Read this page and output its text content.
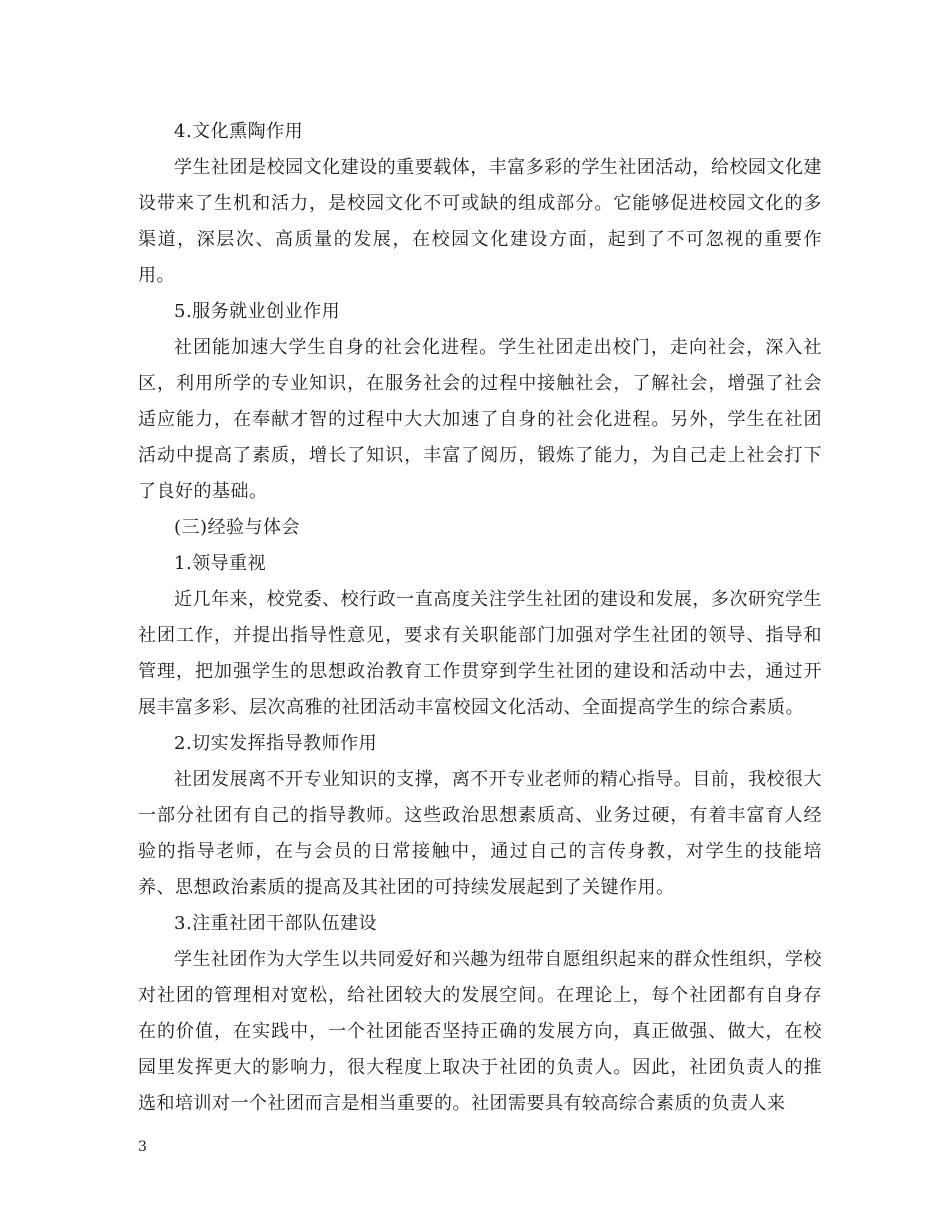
4.文化熏陶作用

学生社团是校园文化建设的重要载体，丰富多彩的学生社团活动，给校园文化建设带来了生机和活力，是校园文化不可或缺的组成部分。它能够促进校园文化的多渠道，深层次、高质量的发展，在校园文化建设方面，起到了不可忽视的重要作用。

5.服务就业创业作用

社团能加速大学生自身的社会化进程。学生社团走出校门，走向社会，深入社区，利用所学的专业知识，在服务社会的过程中接触社会，了解社会，增强了社会适应能力，在奉献才智的过程中大大加速了自身的社会化进程。另外，学生在社团活动中提高了素质，增长了知识，丰富了阅历，锻炼了能力，为自己走上社会打下了良好的基础。

(三)经验与体会

1.领导重视

近几年来，校党委、校行政一直高度关注学生社团的建设和发展，多次研究学生社团工作，并提出指导性意见，要求有关职能部门加强对学生社团的领导、指导和管理，把加强学生的思想政治教育工作贯穿到学生社团的建设和活动中去，通过开展丰富多彩、层次高雅的社团活动丰富校园文化活动、全面提高学生的综合素质。

2.切实发挥指导教师作用

社团发展离不开专业知识的支撑，离不开专业老师的精心指导。目前，我校很大一部分社团有自己的指导教师。这些政治思想素质高、业务过硬，有着丰富育人经验的指导老师，在与会员的日常接触中，通过自己的言传身教，对学生的技能培养、思想政治素质的提高及其社团的可持续发展起到了关键作用。

3.注重社团干部队伍建设

学生社团作为大学生以共同爱好和兴趣为纽带自愿组织起来的群众性组织，学校对社团的管理相对宽松，给社团较大的发展空间。在理论上，每个社团都有自身存在的价值，在实践中，一个社团能否坚持正确的发展方向，真正做强、做大，在校园里发挥更大的影响力，很大程度上取决于社团的负责人。因此，社团负责人的推选和培训对一个社团而言是相当重要的。社团需要具有较高综合素质的负责人来

3
